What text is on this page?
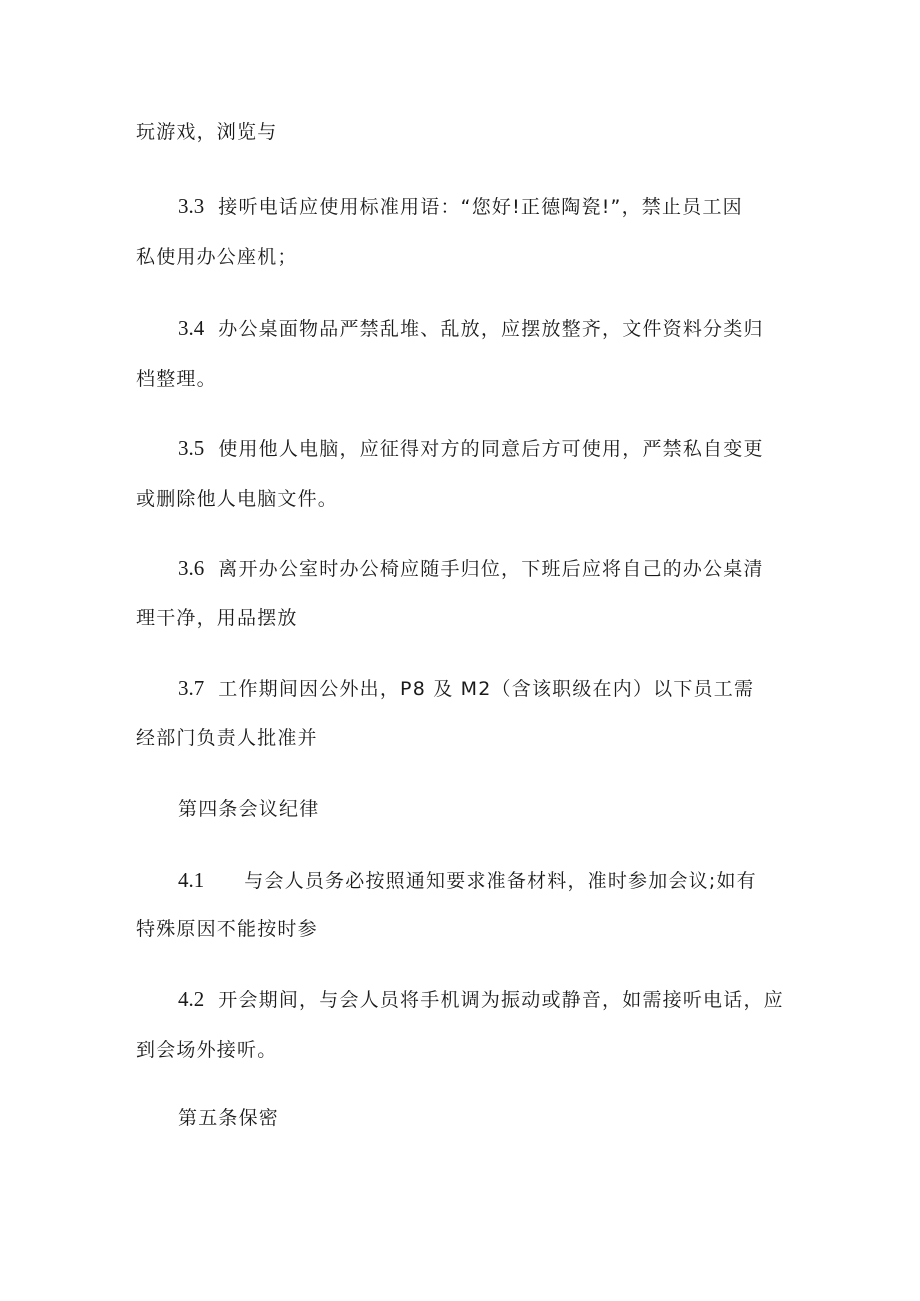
玩游戏，浏览与
3.3 接听电话应使用标准用语：“您好!正德陶瓷!”，禁止员工因
私使用办公座机；
3.4 办公桌面物品严禁乱堆、乱放，应摆放整齐，文件资料分类归
档整理。
3.5 使用他人电脑，应征得对方的同意后方可使用，严禁私自变更
或删除他人电脑文件。
3.6 离开办公室时办公椅应随手归位，下班后应将自己的办公桌清
理干净，用品摆放
3.7 工作期间因公外出，P8 及 M2（含该职级在内）以下员工需
经部门负责人批准并
第四条会议纪律
4.1 与会人员务必按照通知要求准备材料，准时参加会议;如有
特殊原因不能按时参
4.2 开会期间，与会人员将手机调为振动或静音，如需接听电话，应
到会场外接听。
第五条保密
